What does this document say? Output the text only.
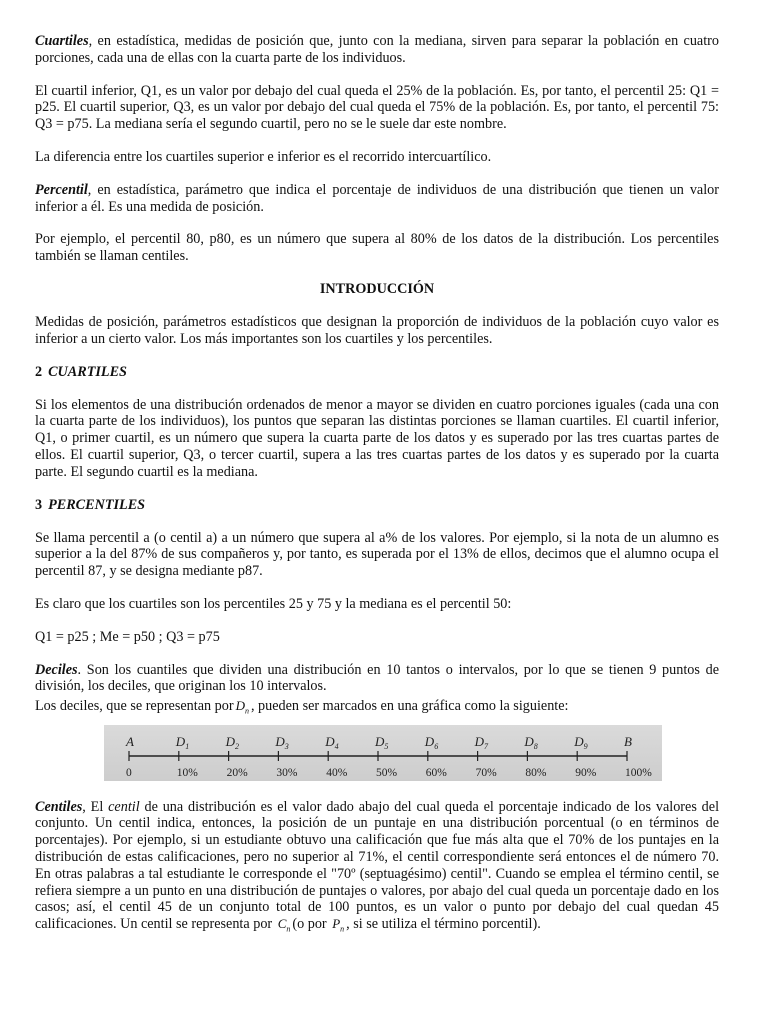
Cuartiles, en estadística, medidas de posición que, junto con la mediana, sirven para separar la población en cuatro porciones, cada una de ellas con la cuarta parte de los individuos.

El cuartil inferior, Q1, es un valor por debajo del cual queda el 25% de la población. Es, por tanto, el percentil 25: Q1 = p25. El cuartil superior, Q3, es un valor por debajo del cual queda el 75% de la población. Es, por tanto, el percentil 75: Q3 = p75. La mediana sería el segundo cuartil, pero no se le suele dar este nombre.

La diferencia entre los cuartiles superior e inferior es el recorrido intercuartílico.

Percentil, en estadística, parámetro que indica el porcentaje de individuos de una distribución que tienen un valor inferior a él. Es una medida de posición.

Por ejemplo, el percentil 80, p80, es un número que supera al 80% de los datos de la distribución. Los percentiles también se llaman centiles.

INTRODUCCIÓN

Medidas de posición, parámetros estadísticos que designan la proporción de individuos de la población cuyo valor es inferior a un cierto valor. Los más importantes son los cuartiles y los percentiles.

2 CUARTILES

Si los elementos de una distribución ordenados de menor a mayor se dividen en cuatro porciones iguales (cada una con la cuarta parte de los individuos), los puntos que separan las distintas porciones se llaman cuartiles. El cuartil inferior, Q1, o primer cuartil, es un número que supera la cuarta parte de los datos y es superado por las tres cuartas partes de ellos. El cuartil superior, Q3, o tercer cuartil, supera a las tres cuartas partes de los datos y es superado por la cuarta parte. El segundo cuartil es la mediana.

3 PERCENTILES

Se llama percentil a (o centil a) a un número que supera al a% de los valores. Por ejemplo, si la nota de un alumno es superior a la del 87% de sus compañeros y, por tanto, es superada por el 13% de ellos, decimos que el alumno ocupa el percentil 87, y se designa mediante p87.

Es claro que los cuartiles son los percentiles 25 y 75 y la mediana es el percentil 50:

Q1 = p25 ; Me = p50 ; Q3 = p75

Deciles. Son los cuantiles que dividen una distribución en 10 tantos o intervalos, por lo que se tienen 9 puntos de división, los deciles, que originan los 10 intervalos.

Los deciles, que se representan por $D_n$ , pueden ser marcados en una gráfica como la siguiente:

A
0
$D_1$
10%
$D_2$
20%
$D_3$
30%
$D_4$
40%
$D_5$
50%
$D_6$
60%
$D_7$
70%
$D_8$
80%
$D_9$
90%
B
100%

Centiles, El centil de una distribución es el valor dado abajo del cual queda el porcentaje indicado de los valores del conjunto. Un centil indica, entonces, la posición de un puntaje en una distribución porcentual (o en términos de porcentajes). Por ejemplo, si un estudiante obtuvo una calificación que fue más alta que el 70% de los puntajes en la distribución de estas calificaciones, pero no superior al 71%, el centil correspondiente será entonces el de número 70. En otras palabras a tal estudiante le corresponde el "70º (septuagésimo) centil". Cuando se emplea el término centil, se refiera siempre a un punto en una distribución de puntajes o valores, por abajo del cual queda un porcentaje dado en los casos; así, el centil 45 de un conjunto total de 100 puntos, es un valor o punto por debajo del cual quedan 45 calificaciones. Un centil se representa por $C_n$ (o por $P_n$ , si se utiliza el término porcentil).
